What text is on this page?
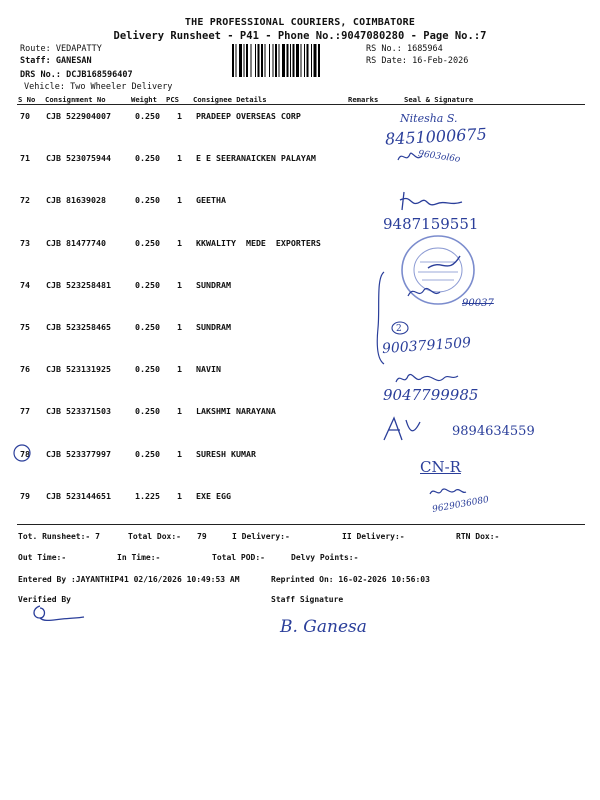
THE PROFESSIONAL COURIERS, COIMBATORE
Delivery Runsheet - P41 - Phone No.:9047080280 - Page No.:7
Route: VEDAPATTY
Staff: GANESAN
DRS No.: DCJB168596407
Vehicle: Two Wheeler Delivery
RS No.: 1685964
RS Date: 16-Feb-2026
S No Consignment No	Weight PCS Consignee Details	Remarks	Seal & Signature
70 CJB 522904007	0.250 1 PRADEEP OVERSEAS CORP
71 CJB 523075944	0.250 1 E E SEERANAICKEN PALAYAM
72 CJB 81639028	0.250 1 GEETHA
73 CJB 81477740	0.250 1 KKWALITY  MEDE  EXPORTERS
74 CJB 523258481	0.250 1 SUNDRAM
75 CJB 523258465	0.250 1 SUNDRAM
76 CJB 523131925	0.250 1 NAVIN
77 CJB 523371503	0.250 1 LAKSHMI NARAYANA
78 CJB 523377997	0.250 1 SURESH KUMAR
79 CJB 523144651	1.225 1 EXE EGG
Tot. Runsheet:- 7	Total Dox:- 79	I Delivery:-	II Delivery:-	RTN Dox:-
Out Time:-	In Time:-	Total POD:-	Delvy Points:-
Entered By :JAYANTHIP41 02/16/2026 10:49:53 AM	Reprinted On: 16-02-2026 10:56:03
Verified By	Staff Signature
Nitesha S.
8451000675
9603ol6o
9487159551
90037
2
9003791509
9047799985
9894634559
CN-R
9629036080
B. Ganesa
